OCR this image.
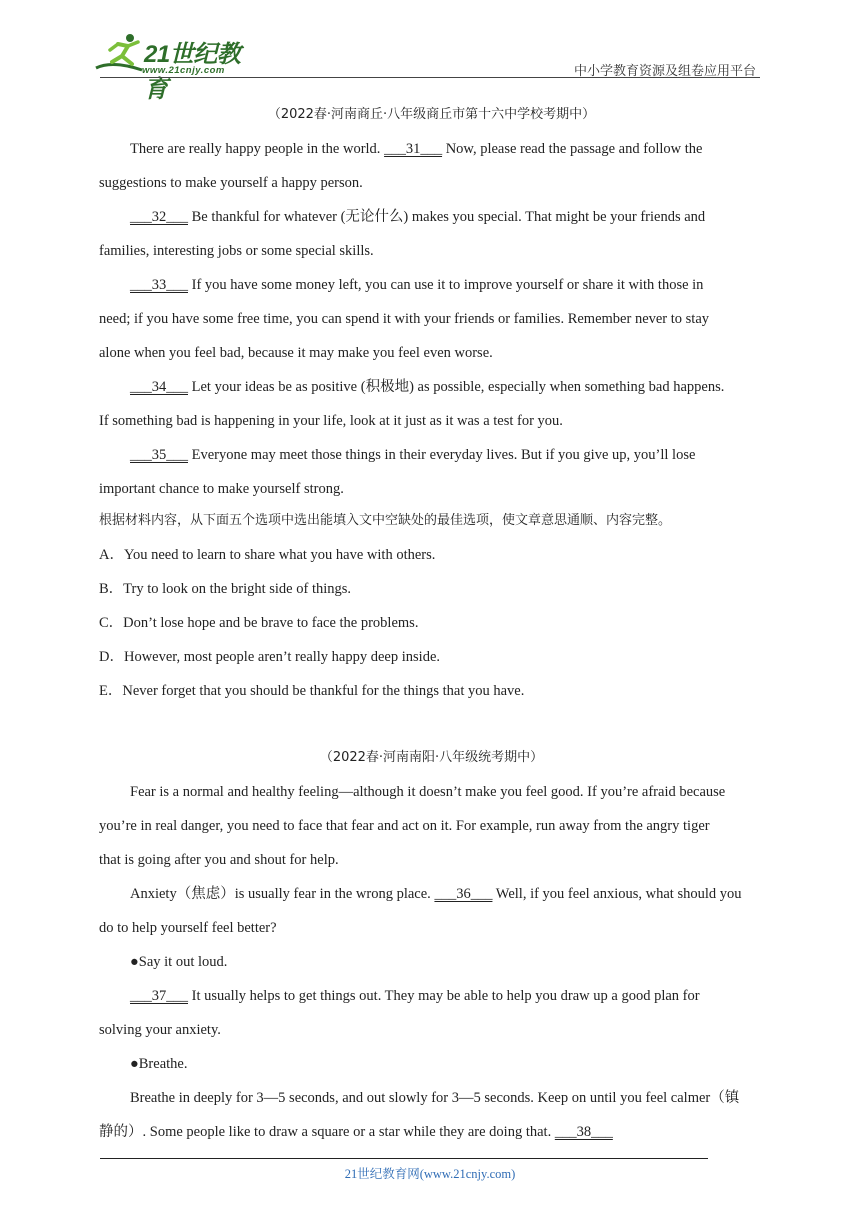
21世纪教育
www.21cnjy.com	中小学教育资源及组卷应用平台
（2022春·河南商丘·八年级商丘市第十六中学校考期中）
There are really happy people in the world. ___31___ Now, please read the passage and follow the
suggestions to make yourself a happy person.
___32___ Be thankful for whatever (无论什么) makes you special. That might be your friends and
families, interesting jobs or some special skills.
___33___ If you have some money left, you can use it to improve yourself or share it with those in
need; if you have some free time, you can spend it with your friends or families. Remember never to stay
alone when you feel bad, because it may make you feel even worse.
___34___ Let your ideas be as positive (积极地) as possible, especially when something bad happens.
If something bad is happening in your life, look at it just as it was a test for you.
___35___ Everyone may meet those things in their everyday lives. But if you give up, you’ll lose
important chance to make yourself strong.
根据材料内容，从下面五个选项中选出能填入文中空缺处的最佳选项，使文章意思通顺、内容完整。
A．You need to learn to share what you have with others.
B．Try to look on the bright side of things.
C．Don’t lose hope and be brave to face the problems.
D．However, most people aren’t really happy deep inside.
E．Never forget that you should be thankful for the things that you have.
（2022春·河南南阳·八年级统考期中）
Fear is a normal and healthy feeling—although it doesn’t make you feel good. If you’re afraid because
you’re in real danger, you need to face that fear and act on it. For example, run away from the angry tiger
that is going after you and shout for help.
Anxiety（焦虑）is usually fear in the wrong place. ___36___ Well, if you feel anxious, what should you
do to help yourself feel better?
●Say it out loud.
___37___ It usually helps to get things out. They may be able to help you draw up a good plan for
solving your anxiety.
●Breathe.
Breathe in deeply for 3—5 seconds, and out slowly for 3—5 seconds. Keep on until you feel calmer（镇
静的）. Some people like to draw a square or a star while they are doing that. ___38___
21世纪教育网(www.21cnjy.com)
